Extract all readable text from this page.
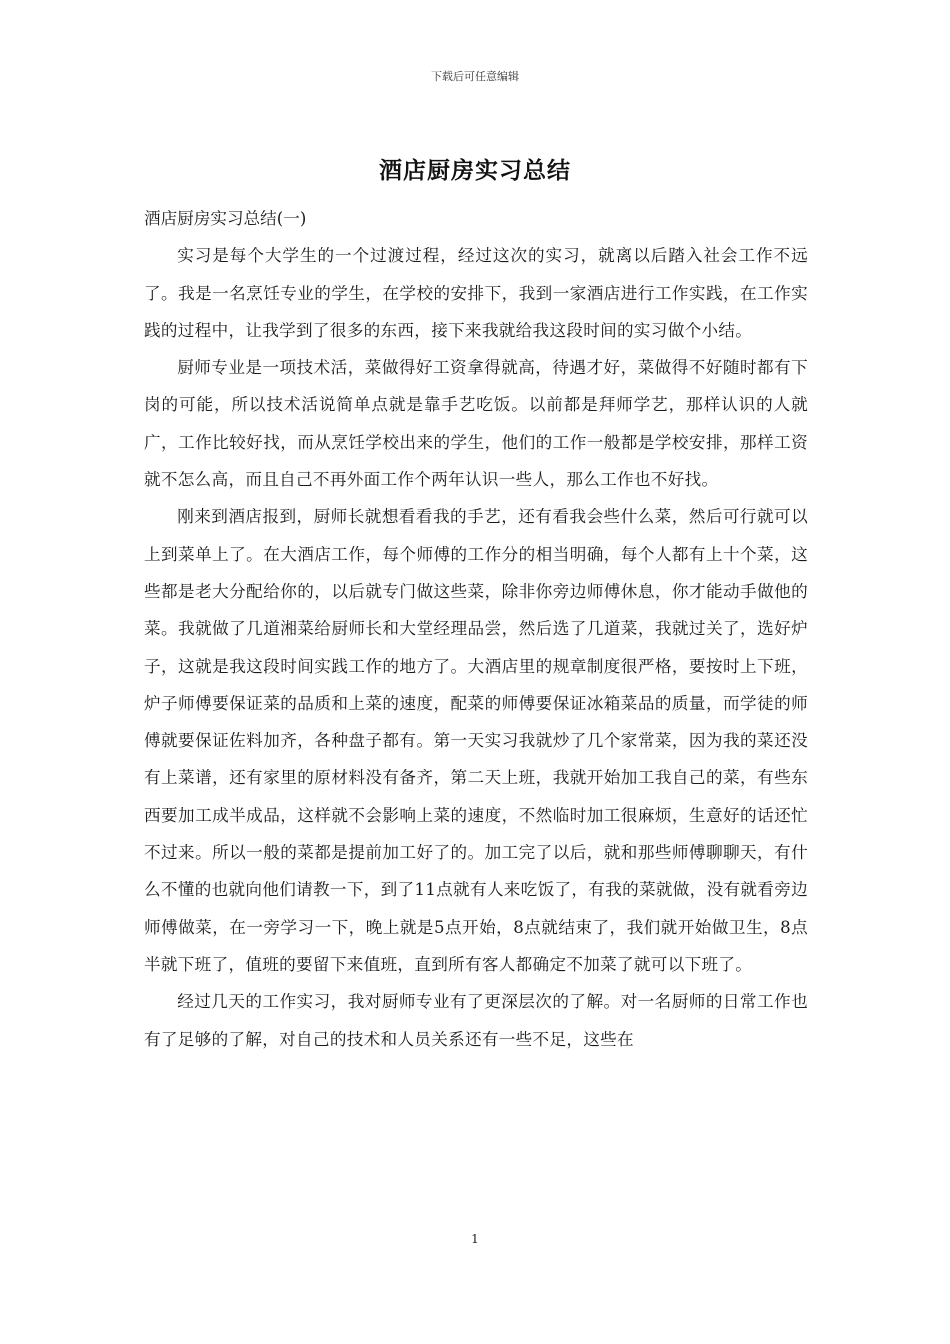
下载后可任意编辑
酒店厨房实习总结

酒店厨房实习总结(一)

实习是每个大学生的一个过渡过程，经过这次的实习，就离以后踏入社会工作不远了。我是一名烹饪专业的学生，在学校的安排下，我到一家酒店进行工作实践，在工作实践的过程中，让我学到了很多的东西，接下来我就给我这段时间的实习做个小结。

厨师专业是一项技术活，菜做得好工资拿得就高，待遇才好，菜做得不好随时都有下岗的可能，所以技术活说简单点就是靠手艺吃饭。以前都是拜师学艺，那样认识的人就广，工作比较好找，而从烹饪学校出来的学生，他们的工作一般都是学校安排，那样工资就不怎么高，而且自己不再外面工作个两年认识一些人，那么工作也不好找。

刚来到酒店报到，厨师长就想看看我的手艺，还有看我会些什么菜，然后可行就可以上到菜单上了。在大酒店工作，每个师傅的工作分的相当明确，每个人都有上十个菜，这些都是老大分配给你的，以后就专门做这些菜，除非你旁边师傅休息，你才能动手做他的菜。我就做了几道湘菜给厨师长和大堂经理品尝，然后选了几道菜，我就过关了，选好炉子，这就是我这段时间实践工作的地方了。大酒店里的规章制度很严格，要按时上下班，炉子师傅要保证菜的品质和上菜的速度，配菜的师傅要保证冰箱菜品的质量，而学徒的师傅就要保证佐料加齐，各种盘子都有。第一天实习我就炒了几个家常菜，因为我的菜还没有上菜谱，还有家里的原材料没有备齐，第二天上班，我就开始加工我自己的菜，有些东西要加工成半成品，这样就不会影响上菜的速度，不然临时加工很麻烦，生意好的话还忙不过来。所以一般的菜都是提前加工好了的。加工完了以后，就和那些师傅聊聊天，有什么不懂的也就向他们请教一下，到了11点就有人来吃饭了，有我的菜就做，没有就看旁边师傅做菜，在一旁学习一下，晚上就是5点开始，8点就结束了，我们就开始做卫生，8点半就下班了，值班的要留下来值班，直到所有客人都确定不加菜了就可以下班了。

经过几天的工作实习，我对厨师专业有了更深层次的了解。对一名厨师的日常工作也有了足够的了解，对自己的技术和人员关系还有一些不足，这些在

1
